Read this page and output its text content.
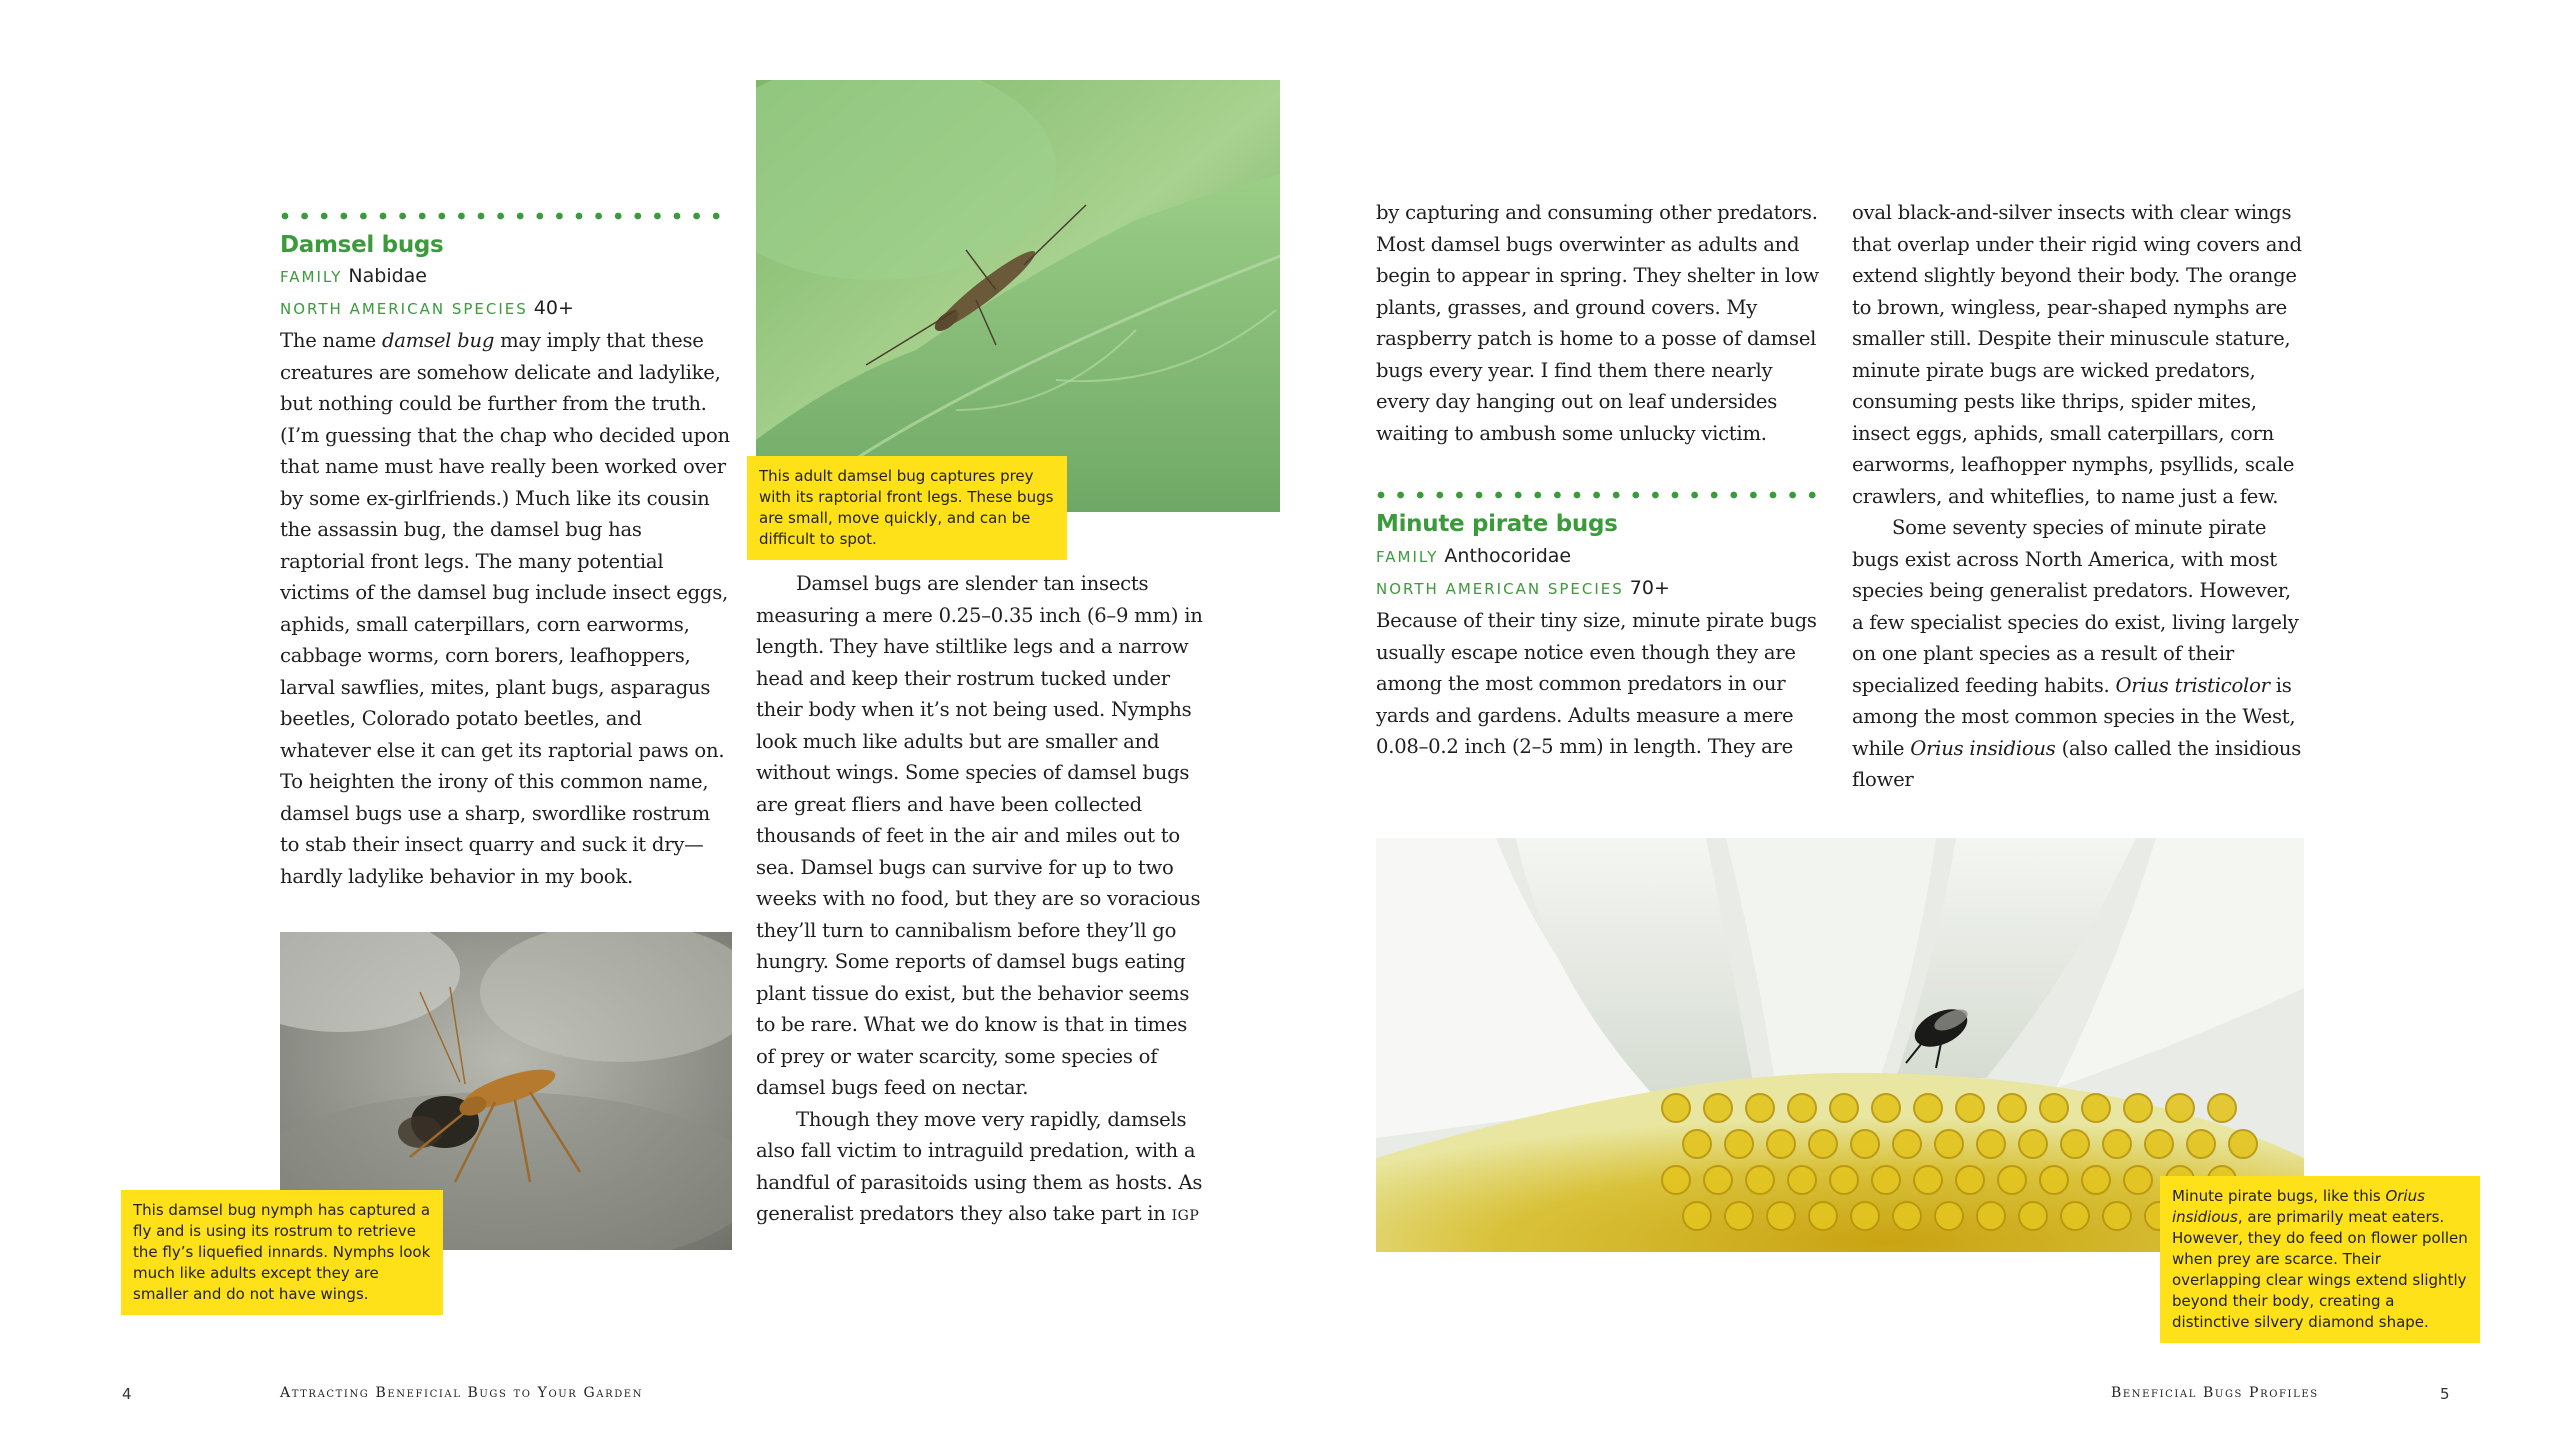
Damsel bugs
FAMILY Nabidae
NORTH AMERICAN SPECIES 40+

The name damsel bug may imply that these creatures are somehow delicate and ladylike, but nothing could be further from the truth. (I’m guessing that the chap who decided upon that name must have really been worked over by some ex-girlfriends.) Much like its cousin the assassin bug, the damsel bug has raptorial front legs. The many potential victims of the damsel bug include insect eggs, aphids, small caterpillars, corn earworms, cabbage worms, corn borers, leafhoppers, larval sawflies, mites, plant bugs, asparagus beetles, Colorado potato beetles, and whatever else it can get its raptorial paws on. To heighten the irony of this common name, damsel bugs use a sharp, swordlike rostrum to stab their insect quarry and suck it dry—hardly ladylike behavior in my book.

This adult damsel bug captures prey with its raptorial front legs. These bugs are small, move quickly, and can be difficult to spot.

Damsel bugs are slender tan insects measuring a mere 0.25–0.35 inch (6–9 mm) in length. They have stiltlike legs and a narrow head and keep their rostrum tucked under their body when it’s not being used. Nymphs look much like adults but are smaller and without wings. Some species of damsel bugs are great fliers and have been collected thousands of feet in the air and miles out to sea. Damsel bugs can survive for up to two weeks with no food, but they are so voracious they’ll turn to cannibalism before they’ll go hungry. Some reports of damsel bugs eating plant tissue do exist, but the behavior seems to be rare. What we do know is that in times of prey or water scarcity, some species of damsel bugs feed on nectar.

Though they move very rapidly, damsels also fall victim to intraguild predation, with a handful of parasitoids using them as hosts. As generalist predators they also take part in igp

This damsel bug nymph has captured a fly and is using its rostrum to retrieve the fly’s liquefied innards. Nymphs look much like adults except they are smaller and do not have wings.
4	Attracting Beneficial Bugs to Your Garden

by capturing and consuming other predators. Most damsel bugs overwinter as adults and begin to appear in spring. They shelter in low plants, grasses, and ground covers. My raspberry patch is home to a posse of damsel bugs every year. I find them there nearly every day hanging out on leaf undersides waiting to ambush some unlucky victim.

Minute pirate bugs
FAMILY Anthocoridae
NORTH AMERICAN SPECIES 70+

Because of their tiny size, minute pirate bugs usually escape notice even though they are among the most common predators in our yards and gardens. Adults measure a mere 0.08–0.2 inch (2–5 mm) in length. They are

oval black-and-silver insects with clear wings that overlap under their rigid wing covers and extend slightly beyond their body. The orange to brown, wingless, pear-shaped nymphs are smaller still. Despite their minuscule stature, minute pirate bugs are wicked predators, consuming pests like thrips, spider mites, insect eggs, aphids, small caterpillars, corn earworms, leafhopper nymphs, psyllids, scale crawlers, and whiteflies, to name just a few.

Some seventy species of minute pirate bugs exist across North America, with most species being generalist predators. However, a few specialist species do exist, living largely on one plant species as a result of their specialized feeding habits. Orius tristicolor is among the most common species in the West, while Orius insidious (also called the insidious flower

Minute pirate bugs, like this Orius insidious, are primarily meat eaters. However, they do feed on flower pollen when prey are scarce. Their overlapping clear wings extend slightly beyond their body, creating a distinctive silvery diamond shape.
Beneficial Bugs Profiles	5
